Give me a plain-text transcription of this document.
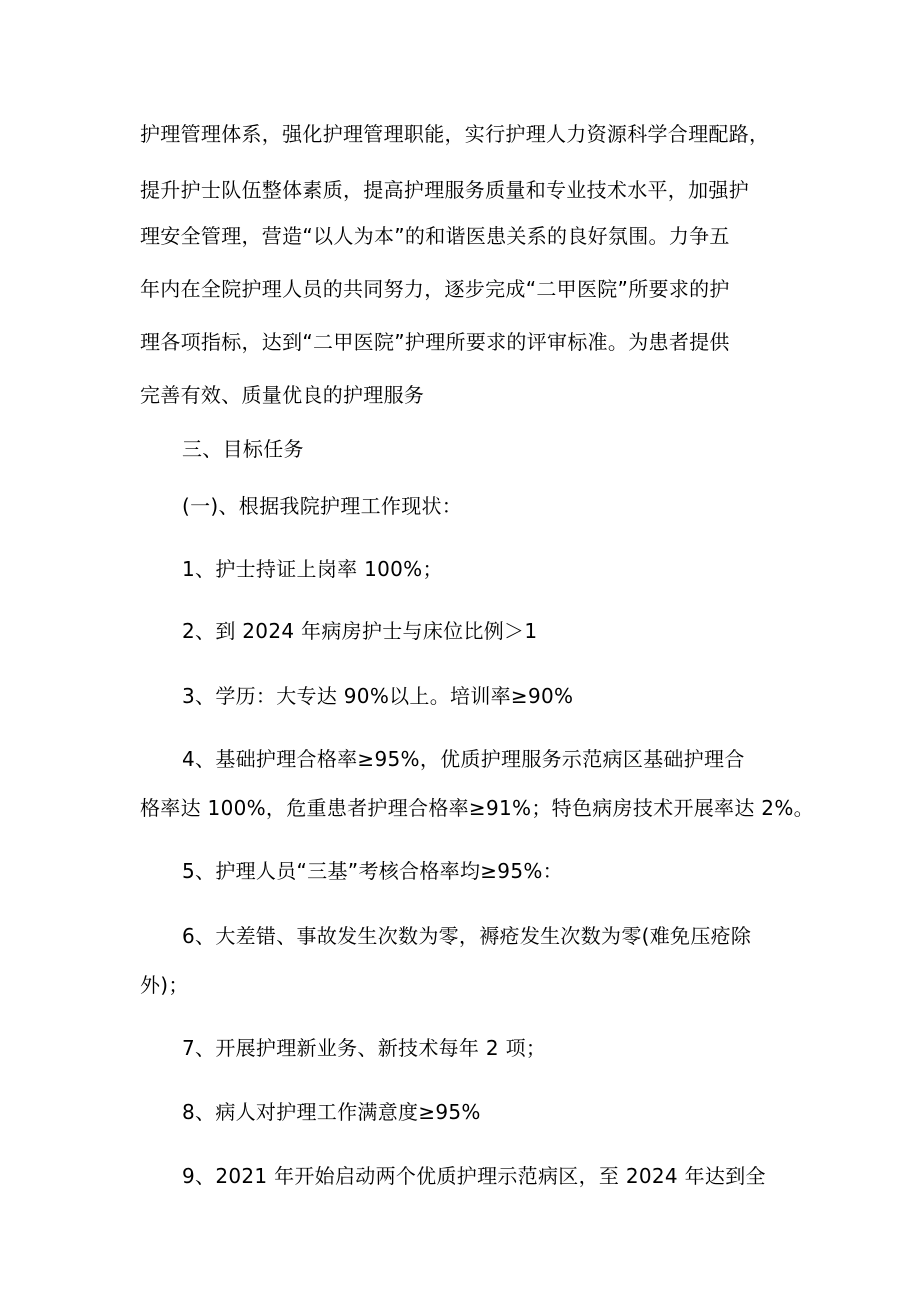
护理管理体系，强化护理管理职能，实行护理人力资源科学合理配路，

提升护士队伍整体素质，提高护理服务质量和专业技术水平，加强护

理安全管理，营造“以人为本”的和谐医患关系的良好氛围。力争五

年内在全院护理人员的共同努力，逐步完成“二甲医院”所要求的护

理各项指标，达到“二甲医院”护理所要求的评审标准。为患者提供

完善有效、质量优良的护理服务

三、目标任务

(一)、根据我院护理工作现状：

1、护士持证上岗率 100%；

2、到 2024 年病房护士与床位比例＞1

3、学历：大专达 90%以上。培训率≥90%

4、基础护理合格率≥95%，优质护理服务示范病区基础护理合

格率达 100%，危重患者护理合格率≥91%；特色病房技术开展率达 2%。

5、护理人员“三基”考核合格率均≥95%：

6、大差错、事故发生次数为零，褥疮发生次数为零(难免压疮除

外)；

7、开展护理新业务、新技术每年 2 项；

8、病人对护理工作满意度≥95%

9、2021 年开始启动两个优质护理示范病区，至 2024 年达到全
